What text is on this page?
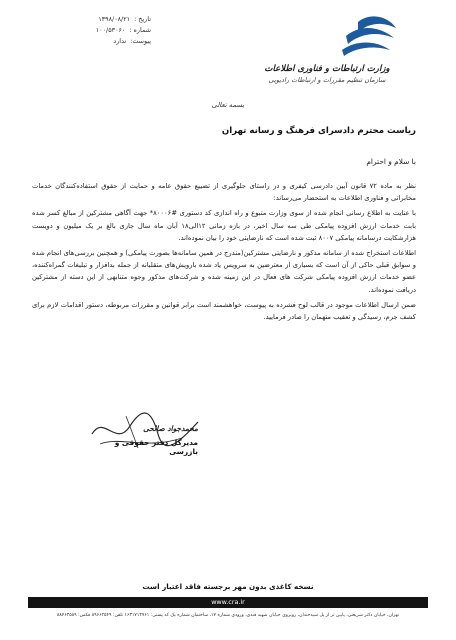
تاریخ :
۱۳۹۸/۰۸/۲۱
شماره :
۱۰۰/۵۳۰۶۰
پیوست:
ندارد
وزارت ارتباطات و فناوری اطلاعات
سازمان تنظیم مقررات و ارتباطات رادیویی
بسمه تعالی
ریاست محترم دادسرای فرهنگ و رسانه تهران
با سلام و احترام

نظر به ماده ۷۲ قانون آیین دادرسی کیفری و در راستای جلوگیری از تضییع حقوق عامه و حمایت از حقوق استفاده‌کنندگان خدمات مخابراتی و فناوری اطلاعات به استحضار می‌رساند:

با عنایت به اطلاع رسانی انجام شده از سوی وزارت متبوع و راه اندازی کد دستوری #۸۰۰۰۶* جهت آگاهی مشترکین از مبالغ کسر شده بابت خدمات ارزش افزوده پیامکی طی سه سال اخیر، در بازه زمانی ۱۲الی۱۸ آبان ماه سال جاری بالغ بر یک میلیون و دویست هزارشکایت درسامانه پیامکی ۸۰۰۷ ثبت شده است که نارضایتی خود را بیان نموده‌اند.

اطلاعات استخراج شده از سامانه مذکور و نارضایتی مشترکین(مندرج در همین سامانه‌ها بصورت پیامکی) و همچنین بررسی‌های انجام شده و سوابق قبلی حاکی از آن است که بسیاری از معترضین به سرویس یاد شده بارویش‌های متقلبانه از جمله بدافزار و تبلیغات گمراه‌کننده، عضو خدمات ارزش افزوده پیامکی شرکت های فعال در این زمینه شده و شرکت‌های مذکور وجوه متنابهی از این دسته از مشترکین دریافت نموده‌اند.

ضمن ارسال اطلاعات موجود در قالب لوح فشرده به پیوست، خواهشمند است برابر قوانین و مقررات مربوطه، دستور اقدامات لازم برای کشف جرم، رسیدگی و تعقیب متهمان را صادر فرمایید.

محمدجواد صالحی
مدیرکل دفتر حقوقی و بازرسی
نسخه کاغذی بدون مهر برجسته فاقد اعتبار است
www.cra.ir
تهران، خیابان دکتر شریعتی، پایین تر از پل سیدخندان، روبروی خیابان شهید قندی، ورودی شماره ۱۷، ساختمان شماره یک کد پستی: ۱۶۳۱۷۱۳۷۶۱ تلفن: ۸۹۶۶۲۵۴۹ فکس: ۸۸۴۶۳۵۸۹
